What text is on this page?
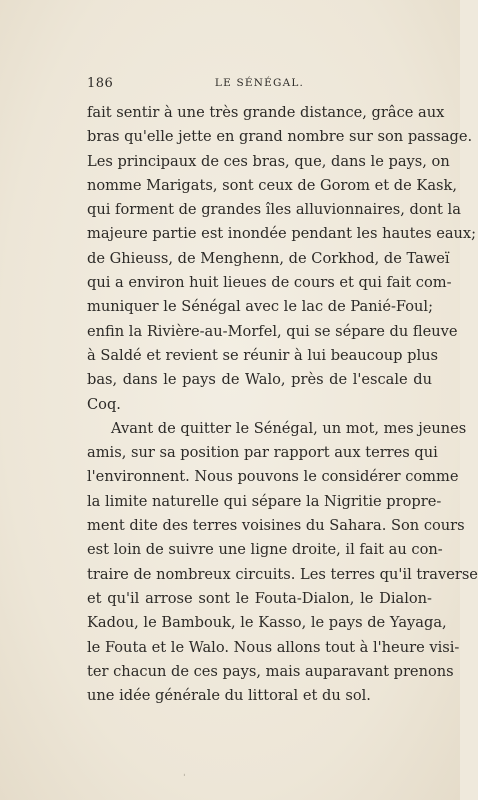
186	LE SÉNÉGAL.
fait sentir à une très grande distance, grâce aux
bras qu'elle jette en grand nombre sur son passage.
Les principaux de ces bras, que, dans le pays, on
nomme Marigats, sont ceux de Gorom et de Kask,
qui forment de grandes îles alluvionnaires, dont la
majeure partie est inondée pendant les hautes eaux;
de Ghieuss, de Menghenn, de Corkhod, de Taweï
qui a environ huit lieues de cours et qui fait com-
muniquer le Sénégal avec le lac de Panié-Foul;
enfin la Rivière-au-Morfel, qui se sépare du fleuve
à Saldé et revient se réunir à lui beaucoup plus
bas, dans le pays de Walo, près de l'escale du
Coq.
Avant de quitter le Sénégal, un mot, mes jeunes
amis, sur sa position par rapport aux terres qui
l'environnent. Nous pouvons le considérer comme
la limite naturelle qui sépare la Nigritie propre-
ment dite des terres voisines du Sahara. Son cours
est loin de suivre une ligne droite, il fait au con-
traire de nombreux circuits. Les terres qu'il traverse
et qu'il arrose sont le Fouta-Dialon, le Dialon-
Kadou, le Bambouk, le Kasso, le pays de Yayaga,
le Fouta et le Walo. Nous allons tout à l'heure visi-
ter chacun de ces pays, mais auparavant prenons
une idée générale du littoral et du sol.
ˌ
